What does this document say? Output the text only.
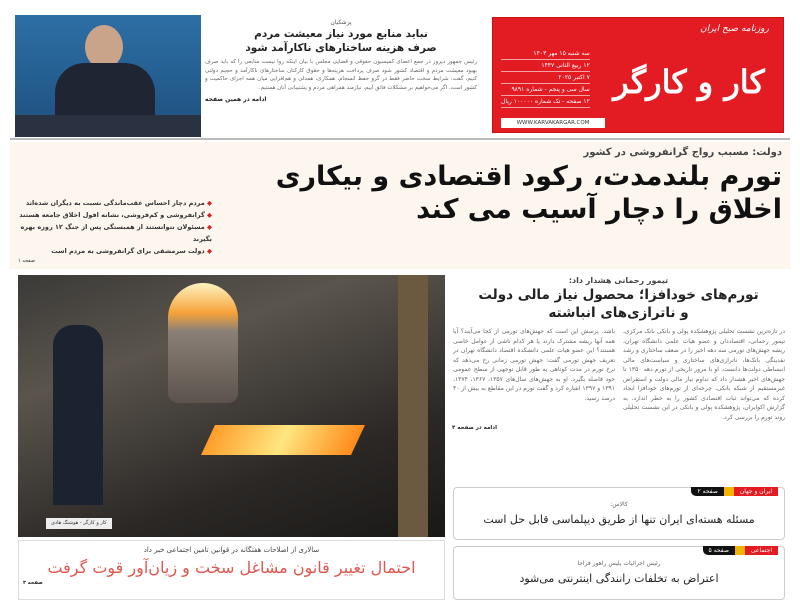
پزشکیان
نباید منابع مورد نیاز معیشت مردم
صرف هزینه ساختارهای ناکارآمد شود
رئیس جمهور دیروز در جمع اعضای کمیسیون حقوقی و قضایی مجلس با بیان اینکه روا نیست منابعی را که باید صرف بهبود معیشت مردم و اقتصاد کشور شود صرف پرداخت هزینه‌ها و حقوق کارکنان ساختارهای ناکارآمد و حجیم دولتی کنیم، گفت: شرایط سخت حاضر فقط در گرو حفظ انسجام، همکاری، همدلی و هم‌افزایی میان همه اجزای حاکمیت و کشور است. اگر می‌خواهیم بر مشکلات فائق آییم، نیازمند همراهی مردم و پشتیبانی آنان هستیم.
ادامه در همین صفحه
روزنامه صبح ایران
کار و کارگر
سه شنبه ۱۵ مهر ۱۴۰۳
۱۲ ربیع الثانی ۱۴۴۷
۷ اکتبر ۲۰۲۵
سال سی و پنجم - شماره ۹۸۹۱
۱۲ صفحه - تک شماره ۱۰۰۰۰۰ ریال
WWW.KARVAKARGAR.COM
دولت: مسبب رواج گرانفروشی در کشور
تورم بلندمدت، رکود اقتصادی و بیکاری
اخلاق را دچار آسیب می کند
◆ مردم دچار احساس عقب‌ماندگی نسبت به دیگران شده‌اند
◆ گرانفروشی و کم‌فروشی، نشانه افول اخلاق جامعه هستند
◆ مسئولان نتوانستند از همبستگی پس از جنگ ۱۲ روزه بهره بگیرند
◆ دولت سرمشقی برای گرانفروشی به مردم است
صفحه ۱
کار و کارگر - هوشنگ هادی
سالاری از اصلاحات هفتگانه در قوانین تامین اجتماعی خبر داد
احتمال تغییر قانون مشاغل سخت و زیان‌آور قوت گرفت
صفحه ۳
تیمور رحمانی هشدار داد:
تورم‌های خودافزا؛ محصول نیاز مالی دولت
و ناترازی‌های انباشته
در تازه‌ترین نشست تحلیلی پژوهشکده پولی و بانکی بانک مرکزی، تیمور رحمانی، اقتصاددان و عضو هیات علمی دانشگاه تهران، ریشه جهش‌های تورمی سه دهه اخیر را در ضعف ساختاری و رشد نقدینگی بانک‌ها، ناترازی‌های ساختاری و سیاست‌های مالی انبساطی دولت‌ها دانست. او با مرور تاریخی از تورم دهه ۱۳۵۰ تا جهش‌های اخیر هشدار داد که تداوم نیاز مالی دولت و استقراض غیرمستقیم از شبکه بانکی، چرخه‌ای از تورم‌های خودافزا ایجاد کرده که می‌تواند ثبات اقتصادی کشور را به خطر اندازد. به گزارش اکوایران، پژوهشکده پولی و بانکی در این نشست تحلیلی روند تورم را بررسی کرد.
باشد. پرسش این است که جهش‌های تورمی از کجا می‌آیند؟ آیا همه آنها ریشه مشترک دارند یا هر کدام ناشی از عوامل خاصی هستند؟ این عضو هیات علمی دانشکده اقتصاد دانشگاه تهران در تعریف جهش تورمی گفت: جهش تورمی زمانی رخ می‌دهد که نرخ تورم در مدت کوتاهی به طور قابل توجهی از سطح عمومی خود فاصله بگیرد. او به جهش‌های سال‌های ۱۳۵۷، ۱۳۶۷، ۱۳۷۴، ۱۳۹۱ و ۱۳۹۷ اشاره کرد و گفت تورم در این مقاطع به بیش از ۴۰ درصد رسید.
ادامه در صفحه ۴
ایران و جهان
صفحه ۲
کالاس:
مسئله هسته‌ای ایران تنها از طریق دیپلماسی قابل حل است
اجتماعی
صفحه ۵
رئیس اجرائیات پلیس راهور فراجا
اعتراض به تخلفات رانندگی اینترنتی می‌شود
